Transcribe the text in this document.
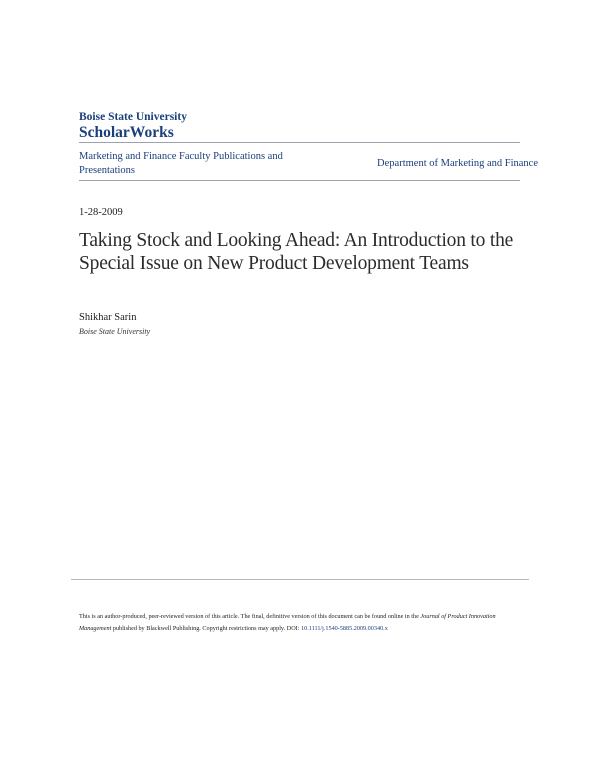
Boise State University
ScholarWorks
Marketing and Finance Faculty Publications and Presentations
Department of Marketing and Finance
1-28-2009
Taking Stock and Looking Ahead: An Introduction to the Special Issue on New Product Development Teams
Shikhar Sarin
Boise State University
This is an author-produced, peer-reviewed version of this article. The final, definitive version of this document can be found online in the Journal of Product Innovation Management published by Blackwell Publishing. Copyright restrictions may apply. DOI: 10.1111/j.1540-5885.2009.00340.x
